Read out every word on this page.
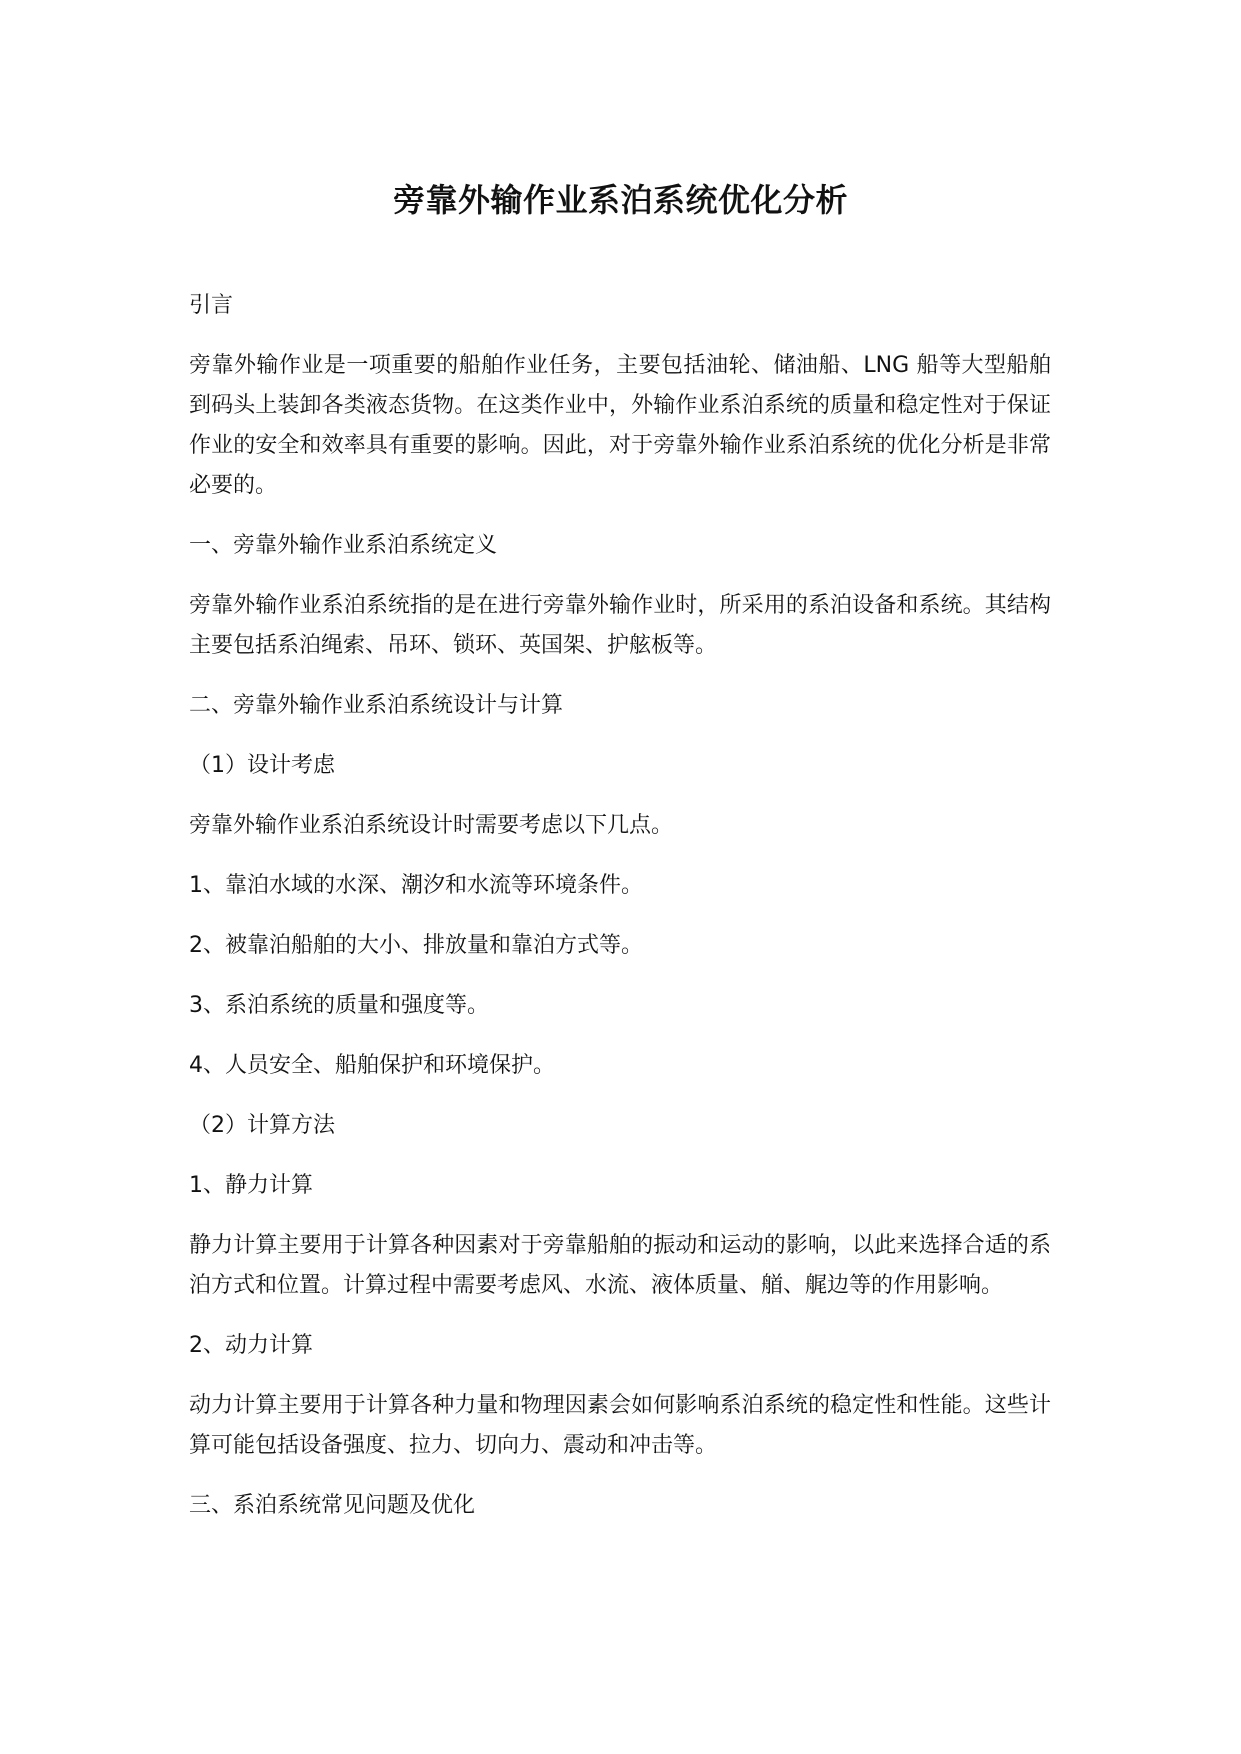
旁靠外输作业系泊系统优化分析

引言

旁靠外输作业是一项重要的船舶作业任务，主要包括油轮、储油船、LNG 船等大型船舶到码头上装卸各类液态货物。在这类作业中，外输作业系泊系统的质量和稳定性对于保证作业的安全和效率具有重要的影响。因此，对于旁靠外输作业系泊系统的优化分析是非常必要的。

一、旁靠外输作业系泊系统定义

旁靠外输作业系泊系统指的是在进行旁靠外输作业时，所采用的系泊设备和系统。其结构主要包括系泊绳索、吊环、锁环、英国架、护舷板等。

二、旁靠外输作业系泊系统设计与计算

（1）设计考虑

旁靠外输作业系泊系统设计时需要考虑以下几点。

1、靠泊水域的水深、潮汐和水流等环境条件。

2、被靠泊船舶的大小、排放量和靠泊方式等。

3、系泊系统的质量和强度等。

4、人员安全、船舶保护和环境保护。

（2）计算方法

1、静力计算

静力计算主要用于计算各种因素对于旁靠船舶的振动和运动的影响，以此来选择合适的系泊方式和位置。计算过程中需要考虑风、水流、液体质量、艏、艉边等的作用影响。

2、动力计算

动力计算主要用于计算各种力量和物理因素会如何影响系泊系统的稳定性和性能。这些计算可能包括设备强度、拉力、切向力、震动和冲击等。

三、系泊系统常见问题及优化
